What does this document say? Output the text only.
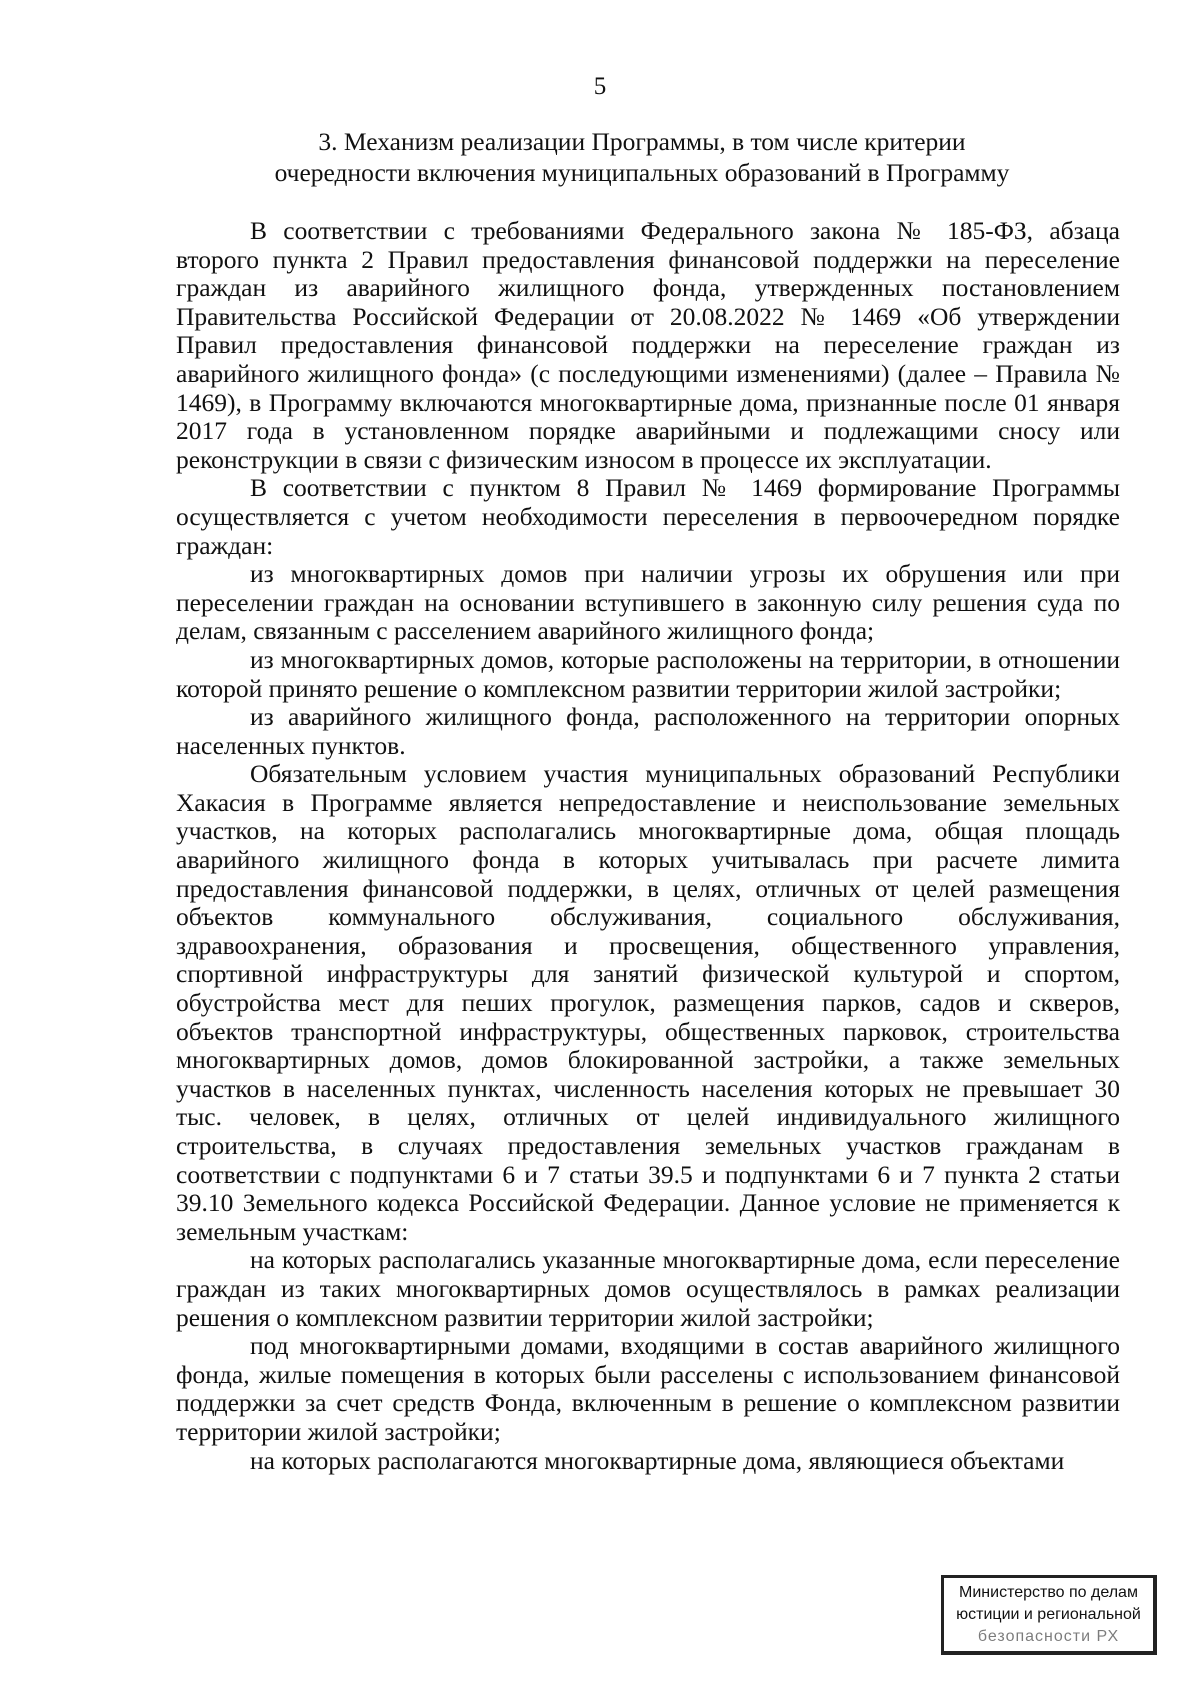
5
3. Механизм реализации Программы, в том числе критерии
очередности включения муниципальных образований в Программу

В соответствии с требованиями Федерального закона № 185-ФЗ, абзаца второго пункта 2 Правил предоставления финансовой поддержки на переселение граждан из аварийного жилищного фонда, утвержденных постановлением Правительства Российской Федерации от 20.08.2022 № 1469 «Об утверждении Правил предоставления финансовой поддержки на переселение граждан из аварийного жилищного фонда» (с последующими изменениями) (далее – Правила № 1469), в Программу включаются многоквартирные дома, признанные после 01 января 2017 года в установленном порядке аварийными и подлежащими сносу или реконструкции в связи с физическим износом в процессе их эксплуатации.

В соответствии с пунктом 8 Правил № 1469 формирование Программы осуществляется с учетом необходимости переселения в первоочередном порядке граждан:

из многоквартирных домов при наличии угрозы их обрушения или при переселении граждан на основании вступившего в законную силу решения суда по делам, связанным с расселением аварийного жилищного фонда;

из многоквартирных домов, которые расположены на территории, в отношении которой принято решение о комплексном развитии территории жилой застройки;

из аварийного жилищного фонда, расположенного на территории опорных населенных пунктов.

Обязательным условием участия муниципальных образований Республики Хакасия в Программе является непредоставление и неиспользование земельных участков, на которых располагались многоквартирные дома, общая площадь аварийного жилищного фонда в которых учитывалась при расчете лимита предоставления финансовой поддержки, в целях, отличных от целей размещения объектов коммунального обслуживания, социального обслуживания, здравоохранения, образования и просвещения, общественного управления, спортивной инфраструктуры для занятий физической культурой и спортом, обустройства мест для пеших прогулок, размещения парков, садов и скверов, объектов транспортной инфраструктуры, общественных парковок, строительства многоквартирных домов, домов блокированной застройки, а также земельных участков в населенных пунктах, численность населения которых не превышает 30 тыс. человек, в целях, отличных от целей индивидуального жилищного строительства, в случаях предоставления земельных участков гражданам в соответствии с подпунктами 6 и 7 статьи 39.5 и подпунктами 6 и 7 пункта 2 статьи 39.10 Земельного кодекса Российской Федерации. Данное условие не применяется к земельным участкам:

на которых располагались указанные многоквартирные дома, если переселение граждан из таких многоквартирных домов осуществлялось в рамках реализации решения о комплексном развитии территории жилой застройки;

под многоквартирными домами, входящими в состав аварийного жилищного фонда, жилые помещения в которых были расселены с использованием финансовой поддержки за счет средств Фонда, включенным в решение о комплексном развитии территории жилой застройки;

на которых располагаются многоквартирные дома, являющиеся объектами

Министерство по делам
юстиции и региональной
безопасности РХ
